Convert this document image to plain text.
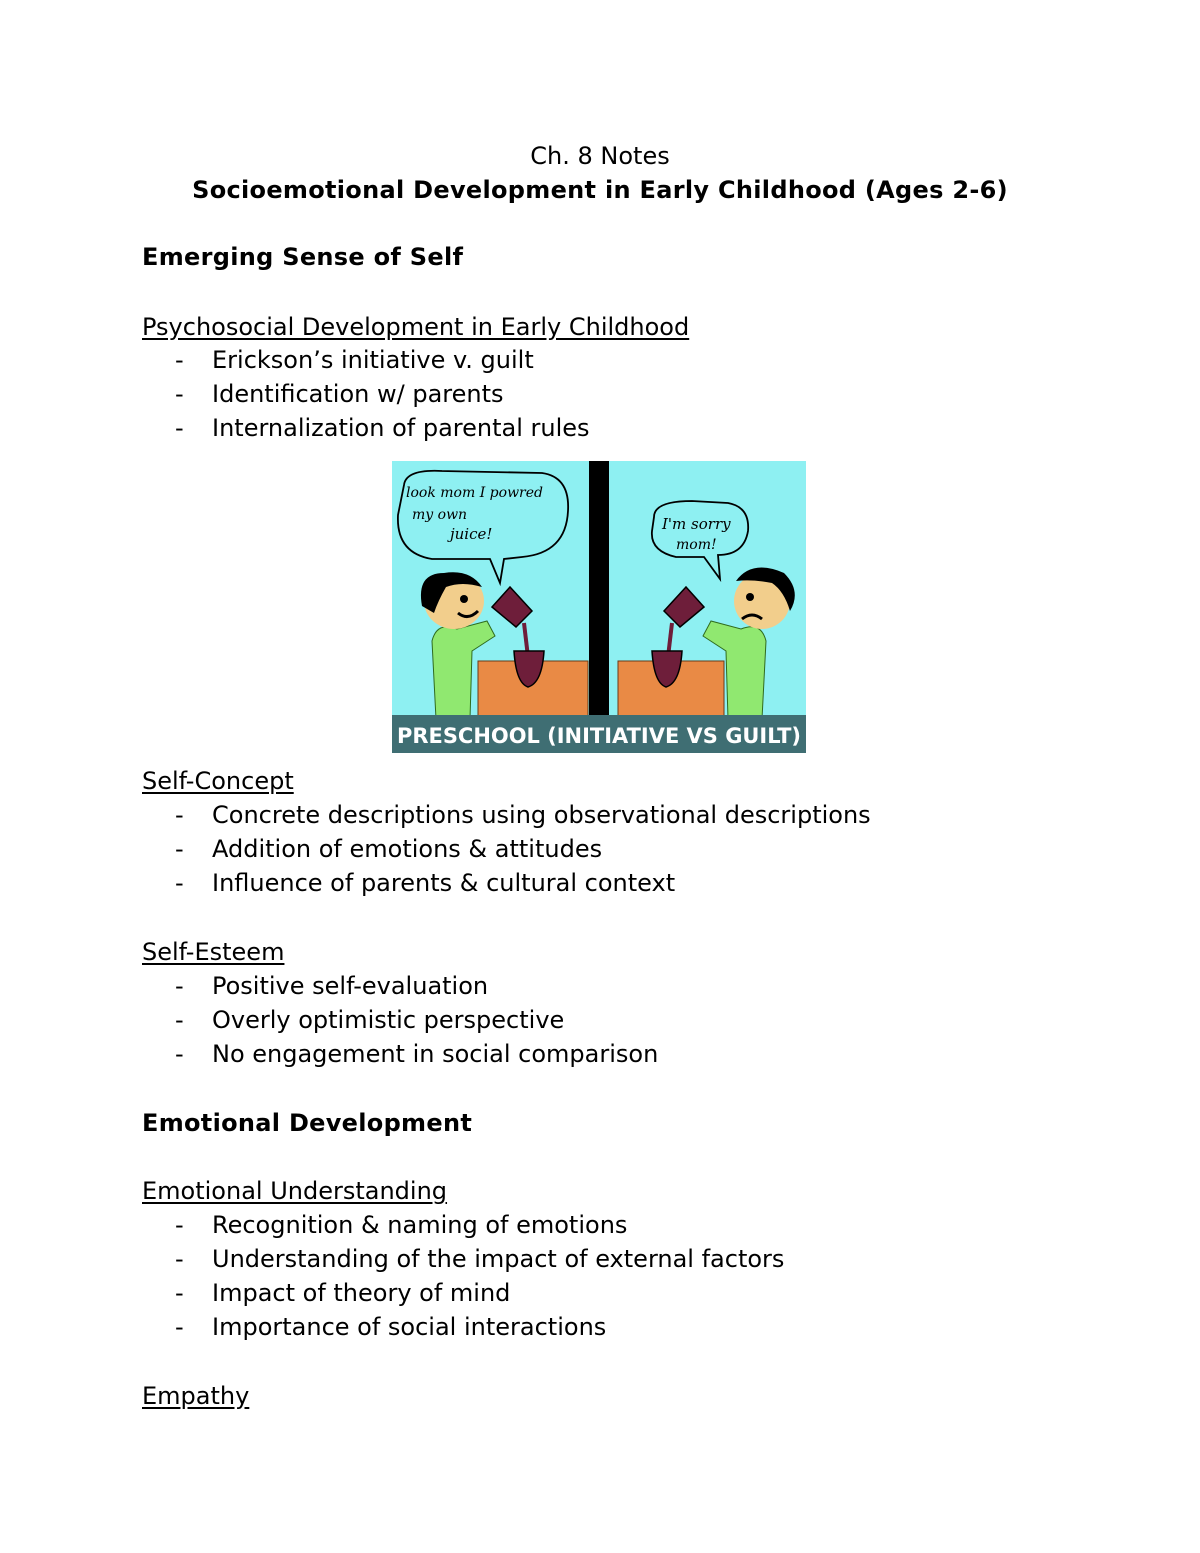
Ch. 8 Notes
Socioemotional Development in Early Childhood (Ages 2-6)
Emerging Sense of Self
Psychosocial Development in Early Childhood
- Erickson’s initiative v. guilt
- Identification w/ parents
- Internalization of parental rules
look mom I powred
my own
juice!
I'm sorry
mom!
PRESCHOOL (INITIATIVE VS GUILT)
Self-Concept
- Concrete descriptions using observational descriptions
- Addition of emotions & attitudes
- Influence of parents & cultural context
Self-Esteem
- Positive self-evaluation
- Overly optimistic perspective
- No engagement in social comparison
Emotional Development
Emotional Understanding
- Recognition & naming of emotions
- Understanding of the impact of external factors
- Impact of theory of mind
- Importance of social interactions
Empathy
